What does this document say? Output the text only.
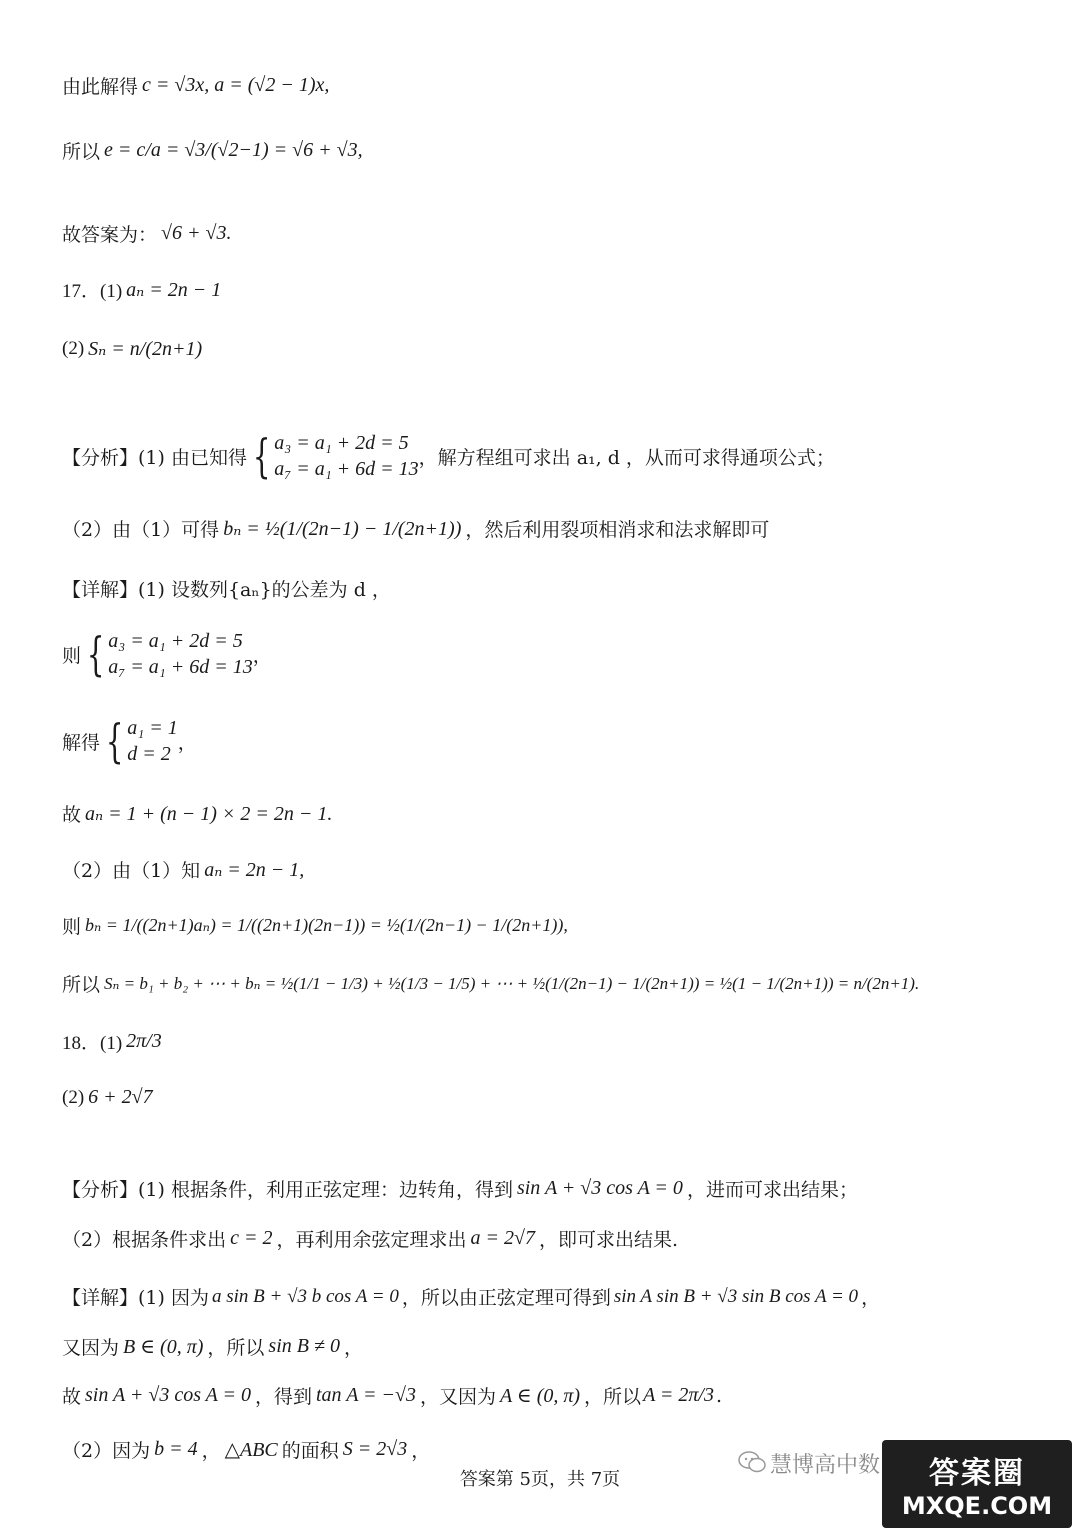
由此解得 c = √3x, a = (√2 − 1)x,
所以 e = c/a = √3/(√2−1) = √6 + √3,
故答案为： √6 + √3.
17．(1) aₙ = 2n − 1
(2) Sₙ = n/(2n+1)
【分析】(1) 由已知得 { a₃ = a₁ + 2d = 5
a₇ = a₁ + 6d = 13
，解方程组可求出 a₁, d ，从而可求得通项公式；
（2）由（1）可得 bₙ = ½(1/(2n−1) − 1/(2n+1)) ，然后利用裂项相消求和法求解即可
【详解】(1) 设数列{aₙ}的公差为 d ，
则 { a₃ = a₁ + 2d = 5
a₇ = a₁ + 6d = 13
，
解得 { a₁ = 1
d = 2
，
故 aₙ = 1 + (n − 1) × 2 = 2n − 1.
（2）由（1）知 aₙ = 2n − 1,
则 bₙ = 1/((2n+1)aₙ) = 1/((2n+1)(2n−1)) = ½(1/(2n−1) − 1/(2n+1)),
所以 Sₙ = b₁ + b₂ + ⋯ + bₙ = ½(1/1 − 1/3) + ½(1/3 − 1/5) + ⋯ + ½(1/(2n−1) − 1/(2n+1)) = ½(1 − 1/(2n+1)) = n/(2n+1).
18．(1) 2π/3
(2) 6 + 2√7
【分析】(1) 根据条件，利用正弦定理：边转角，得到 sin A + √3 cos A = 0 ，进而可求出结果；
（2）根据条件求出 c = 2 ，再利用余弦定理求出 a = 2√7 ，即可求出结果.
【详解】(1) 因为 a sin B + √3 b cos A = 0 ，所以由正弦定理可得到 sin A sin B + √3 sin B cos A = 0 ，
又因为 B ∈ (0, π) ，所以 sin B ≠ 0 ，
故 sin A + √3 cos A = 0 ，得到 tan A = −√3 ，又因为 A ∈ (0, π) ，所以 A = 2π/3 .
（2）因为 b = 4 ， △ABC 的面积 S = 2√3 ，
答案第 5页，共 7页
慧博高中数 答案圈
MXQE.COM
